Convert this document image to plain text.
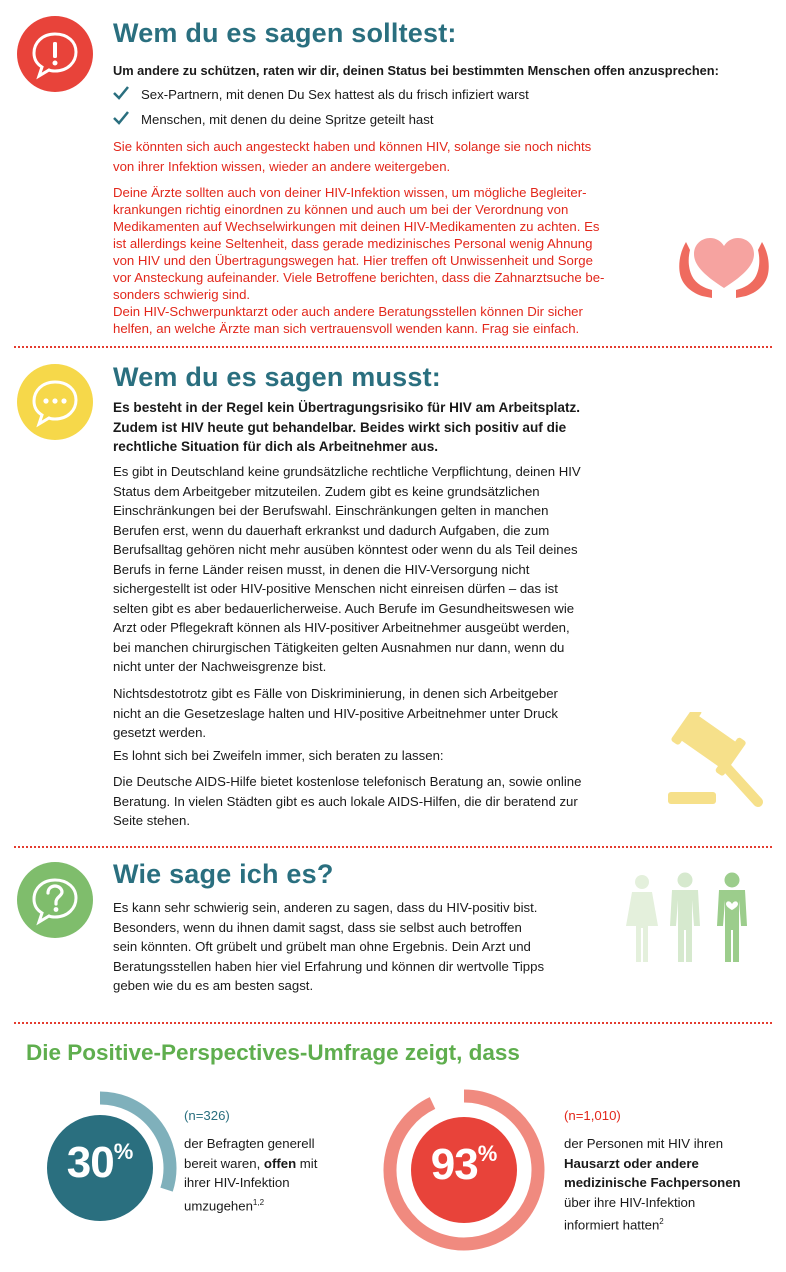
Wem du es sagen solltest:
Um andere zu schützen, raten wir dir, deinen Status bei bestimmten Menschen offen anzusprechen:
Sex-Partnern, mit denen Du Sex hattest als du frisch infiziert warst
Menschen, mit denen du deine Spritze geteilt hast
Sie könnten sich auch angesteckt haben und können HIV, solange sie noch nichts
von ihrer Infektion wissen, wieder an andere weitergeben.
Deine Ärzte sollten auch von deiner HIV-Infektion wissen, um mögliche Begleiter-
krankungen richtig einordnen zu können und auch um bei der Verordnung von
Medikamenten auf Wechselwirkungen mit deinen HIV-Medikamenten zu achten. Es
ist allerdings keine Seltenheit, dass gerade medizinisches Personal wenig Ahnung
von HIV und den Übertragungswegen hat. Hier treffen oft Unwissenheit und Sorge
vor Ansteckung aufeinander. Viele Betroffene berichten, dass die Zahnarztsuche be-
sonders schwierig sind.
Dein HIV-Schwerpunktarzt oder auch andere Beratungsstellen können Dir sicher
helfen, an welche Ärzte man sich vertrauensvoll wenden kann. Frag sie einfach.
Wem du es sagen musst:
Es besteht in der Regel kein Übertragungsrisiko für HIV am Arbeitsplatz.
Zudem ist HIV heute gut behandelbar. Beides wirkt sich positiv auf die
rechtliche Situation für dich als Arbeitnehmer aus.
Es gibt in Deutschland keine grundsätzliche rechtliche Verpflichtung, deinen HIV
Status dem Arbeitgeber mitzuteilen. Zudem gibt es keine grundsätzlichen
Einschränkungen bei der Berufswahl. Einschränkungen gelten in manchen
Berufen erst, wenn du dauerhaft erkrankst und dadurch Aufgaben, die zum
Berufsalltag gehören nicht mehr ausüben könntest oder wenn du als Teil deines
Berufs in ferne Länder reisen musst, in denen die HIV-Versorgung nicht
sichergestellt ist oder HIV-positive Menschen nicht einreisen dürfen – das ist
selten gibt es aber bedauerlicherweise. Auch Berufe im Gesundheitswesen wie
Arzt oder Pflegekraft können als HIV-positiver Arbeitnehmer ausgeübt werden,
bei manchen chirurgischen Tätigkeiten gelten Ausnahmen nur dann, wenn du
nicht unter der Nachweisgrenze bist.
Nichtsdestotrotz gibt es Fälle von Diskriminierung, in denen sich Arbeitgeber
nicht an die Gesetzeslage halten und HIV-positive Arbeitnehmer unter Druck
gesetzt werden.
Es lohnt sich bei Zweifeln immer, sich beraten zu lassen:
Die Deutsche AIDS-Hilfe bietet kostenlose telefonisch Beratung an, sowie online
Beratung. In vielen Städten gibt es auch lokale AIDS-Hilfen, die dir beratend zur
Seite stehen.
Wie sage ich es?
Es kann sehr schwierig sein, anderen zu sagen, dass du HIV-positiv bist.
Besonders, wenn du ihnen damit sagst, dass sie selbst auch betroffen
sein könnten. Oft grübelt und grübelt man ohne Ergebnis. Dein Arzt und
Beratungsstellen haben hier viel Erfahrung und können dir wertvolle Tipps
geben wie du es am besten sagst.
Die Positive-Perspectives-Umfrage zeigt, dass
30%
(n=326)
der Befragten generell
bereit waren, offen mit
ihrer HIV-Infektion
umzugehen$^{1,2}$
93%
(n=1,010)
der Personen mit HIV ihren
Hausarzt oder andere
medizinische Fachpersonen
über ihre HIV-Infektion
informiert hatten$^2$
